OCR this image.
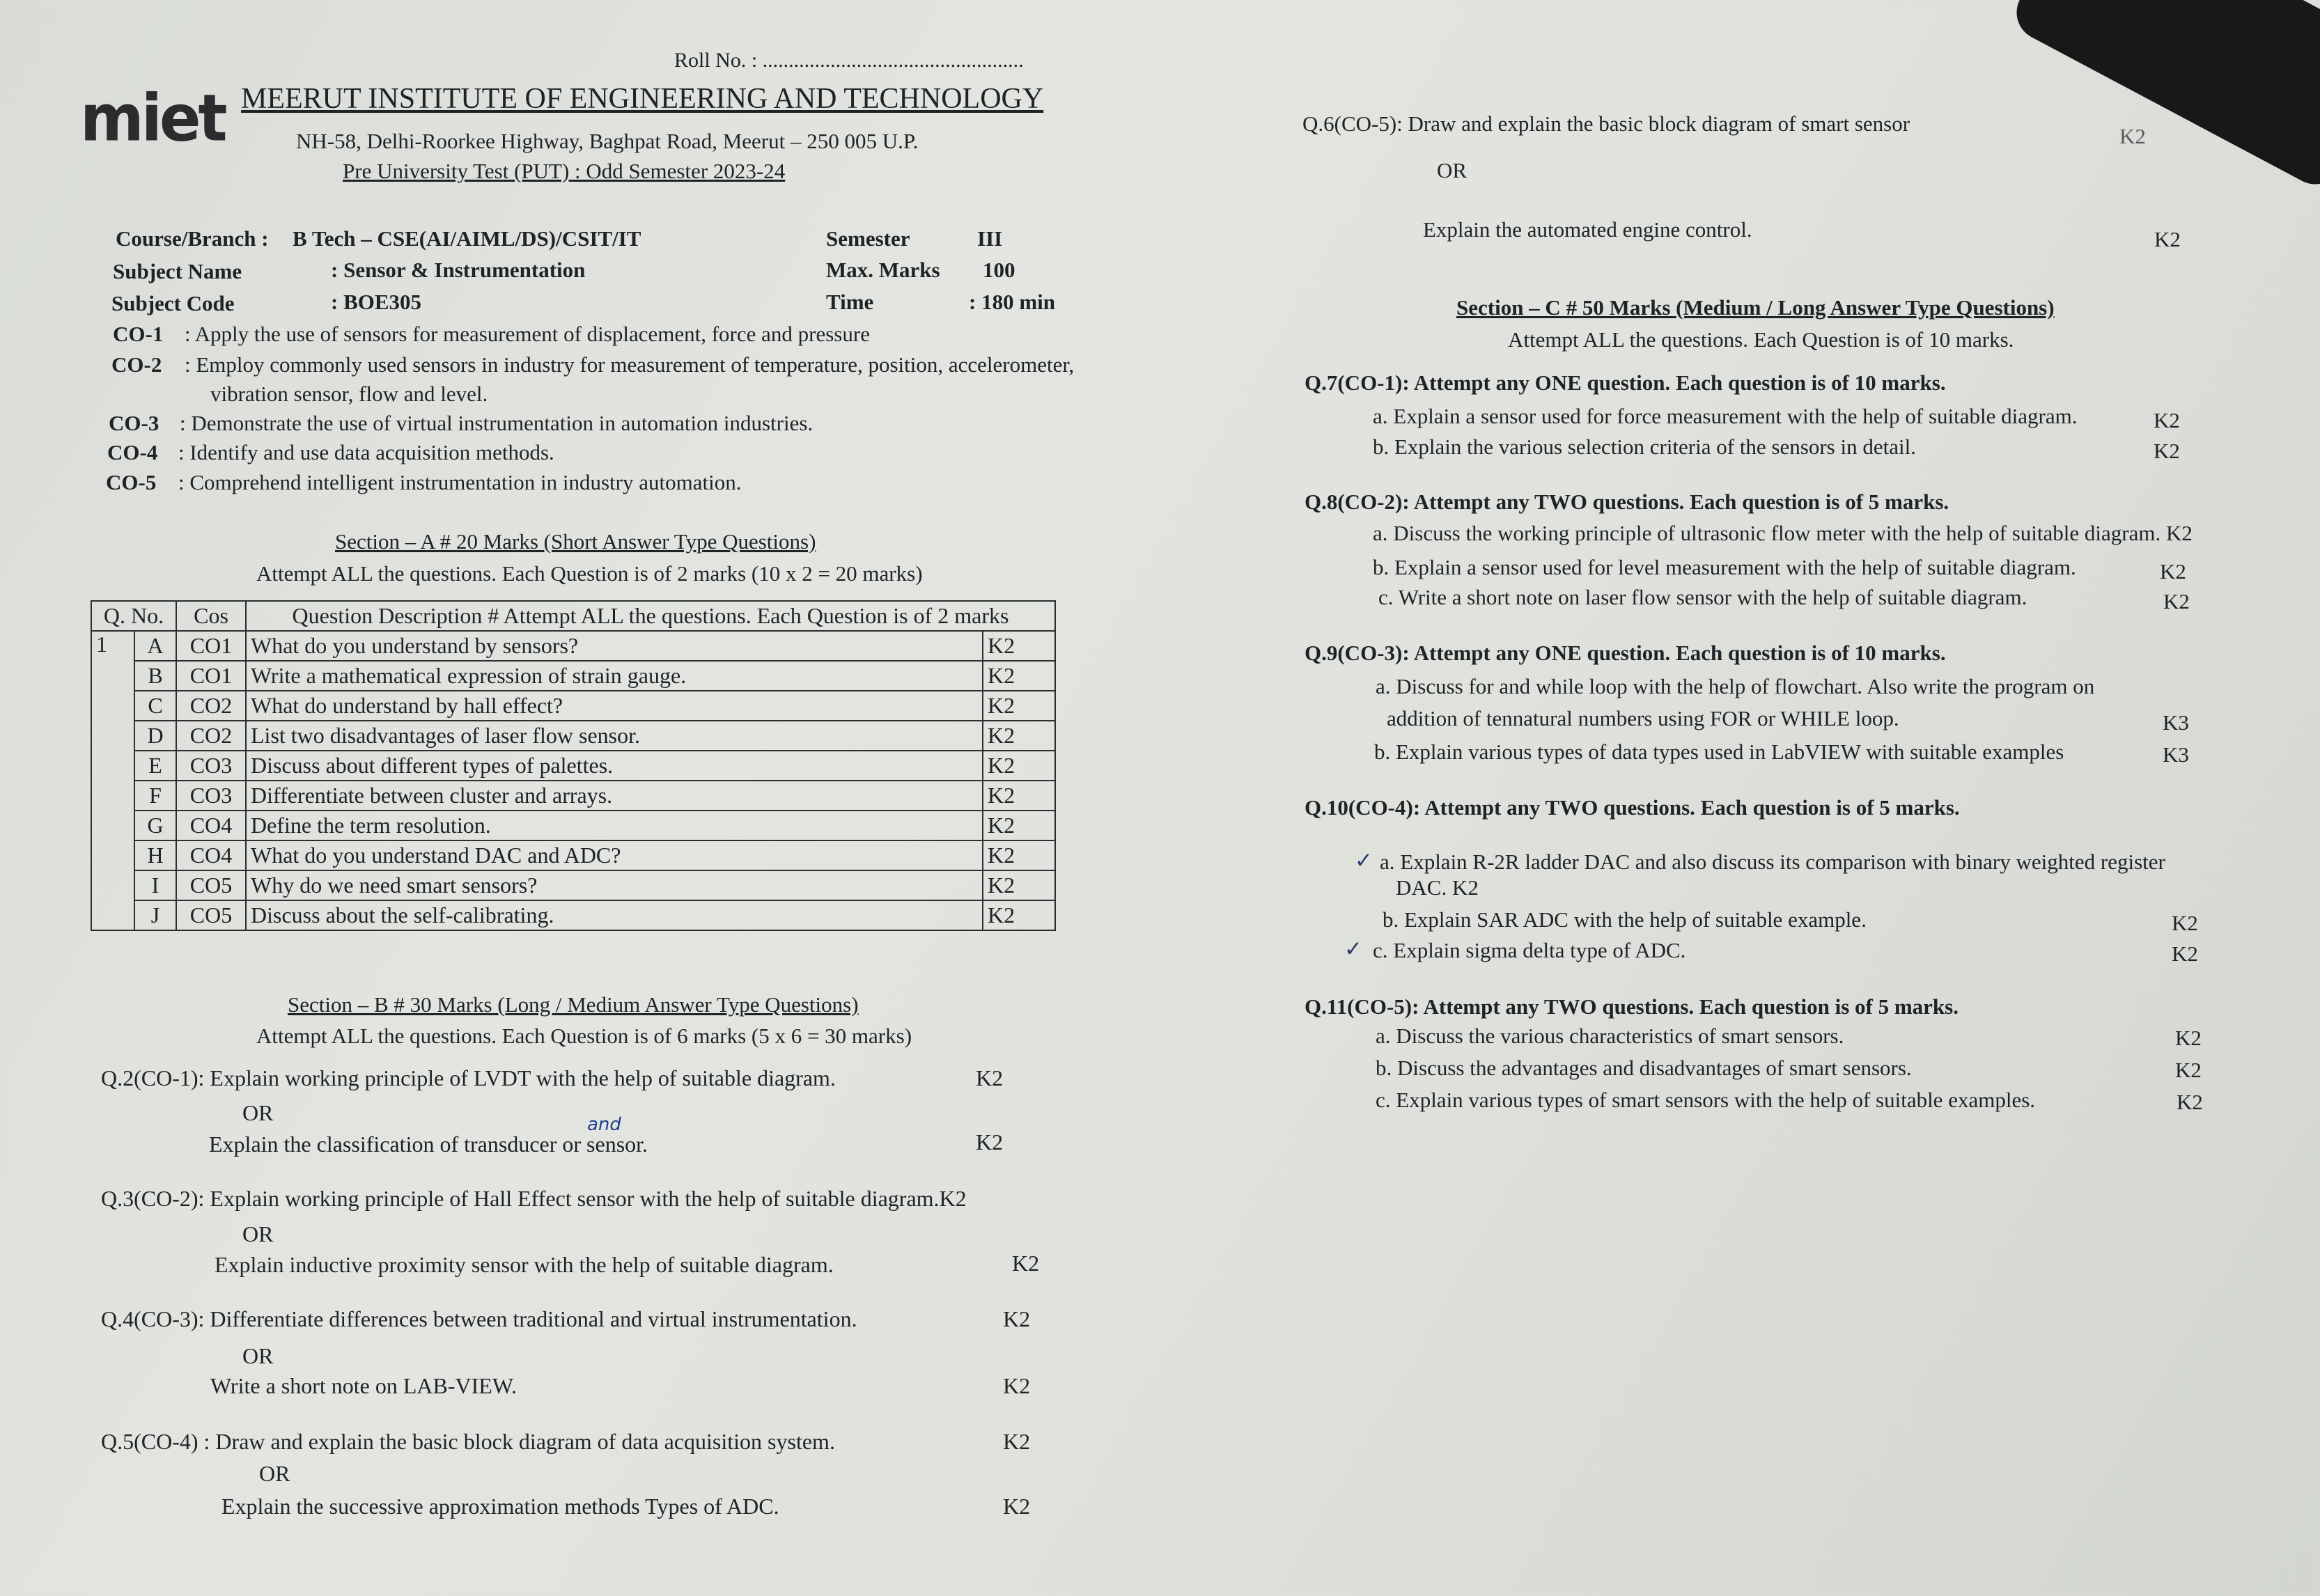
Roll No. : ..................................................
miet MEERUT INSTITUTE OF ENGINEERING AND TECHNOLOGY
NH-58, Delhi-Roorkee Highway, Baghpat Road, Meerut – 250 005 U.P.
Pre University Test (PUT) : Odd Semester 2023-24
Course/Branch : B Tech – CSE(AI/AIML/DS)/CSIT/IT
Subject Name	: Sensor & Instrumentation
Subject Code	: BOE305
Semester	III
Max. Marks 100
Time	: 180 min
CO-1 : Apply the use of sensors for measurement of displacement, force and pressure
CO-2 : Employ commonly used sensors in industry for measurement of temperature, position, accelerometer,
vibration sensor, flow and level.
CO-3 : Demonstrate the use of virtual instrumentation in automation industries.
CO-4 : Identify and use data acquisition methods.
CO-5 : Comprehend intelligent instrumentation in industry automation.
Section – A # 20 Marks (Short Answer Type Questions)
Attempt ALL the questions. Each Question is of 2 marks (10 x 2 = 20 marks)
Q. No.		Cos	Question Description # Attempt ALL the questions. Each Question is of 2 marks	
1	A	CO1	What do you understand by sensors?	K2
	B	CO1	Write a mathematical expression of strain gauge.	K2
	C	CO2	What do understand by hall effect?	K2
	D	CO2	List two disadvantages of laser flow sensor.	K2
	E	CO3	Discuss about different types of palettes.	K2
	F	CO3	Differentiate between cluster and arrays.	K2
	G	CO4	Define the term resolution.	K2
	H	CO4	What do you understand DAC and ADC?	K2
	I	CO5	Why do we need smart sensors?	K2
	J	CO5	Discuss about the self-calibrating.	K2
Section – B # 30 Marks (Long / Medium Answer Type Questions)
Attempt ALL the questions. Each Question is of 6 marks (5 x 6 = 30 marks)
Q.2(CO-1): Explain working principle of LVDT with the help of suitable diagram.	K2
OR	and
Explain the classification of transducer or sensor.	K2
Q.3(CO-2): Explain working principle of Hall Effect sensor with the help of suitable diagram.K2
OR
Explain inductive proximity sensor with the help of suitable diagram.	K2
Q.4(CO-3): Differentiate differences between traditional and virtual instrumentation.	K2
OR
Write a short note on LAB-VIEW.	K2
Q.5(CO-4) : Draw and explain the basic block diagram of data acquisition system.	K2
OR
Explain the successive approximation methods Types of ADC.	K2
Q.6(CO-5): Draw and explain the basic block diagram of smart sensor
K2
OR
Explain the automated engine control.	K2
Section – C # 50 Marks (Medium / Long Answer Type Questions)
Attempt ALL the questions. Each Question is of 10 marks.
Q.7(CO-1): Attempt any ONE question. Each question is of 10 marks.
a. Explain a sensor used for force measurement with the help of suitable diagram.	K2
b. Explain the various selection criteria of the sensors in detail.	K2
Q.8(CO-2): Attempt any TWO questions. Each question is of 5 marks.
a. Discuss the working principle of ultrasonic flow meter with the help of suitable diagram. K2
b. Explain a sensor used for level measurement with the help of suitable diagram.	K2
c. Write a short note on laser flow sensor with the help of suitable diagram.	K2
Q.9(CO-3): Attempt any ONE question. Each question is of 10 marks.
a. Discuss for and while loop with the help of flowchart. Also write the program on
addition of tennatural numbers using FOR or WHILE loop.	K3
b. Explain various types of data types used in LabVIEW with suitable examples	K3
Q.10(CO-4): Attempt any TWO questions. Each question is of 5 marks.
✓ a. Explain R-2R ladder DAC and also discuss its comparison with binary weighted register
DAC. K2
b. Explain SAR ADC with the help of suitable example.	K2
✓ c. Explain sigma delta type of ADC.	K2
Q.11(CO-5): Attempt any TWO questions. Each question is of 5 marks.
a. Discuss the various characteristics of smart sensors.	K2
b. Discuss the advantages and disadvantages of smart sensors.	K2
c. Explain various types of smart sensors with the help of suitable examples.	K2
